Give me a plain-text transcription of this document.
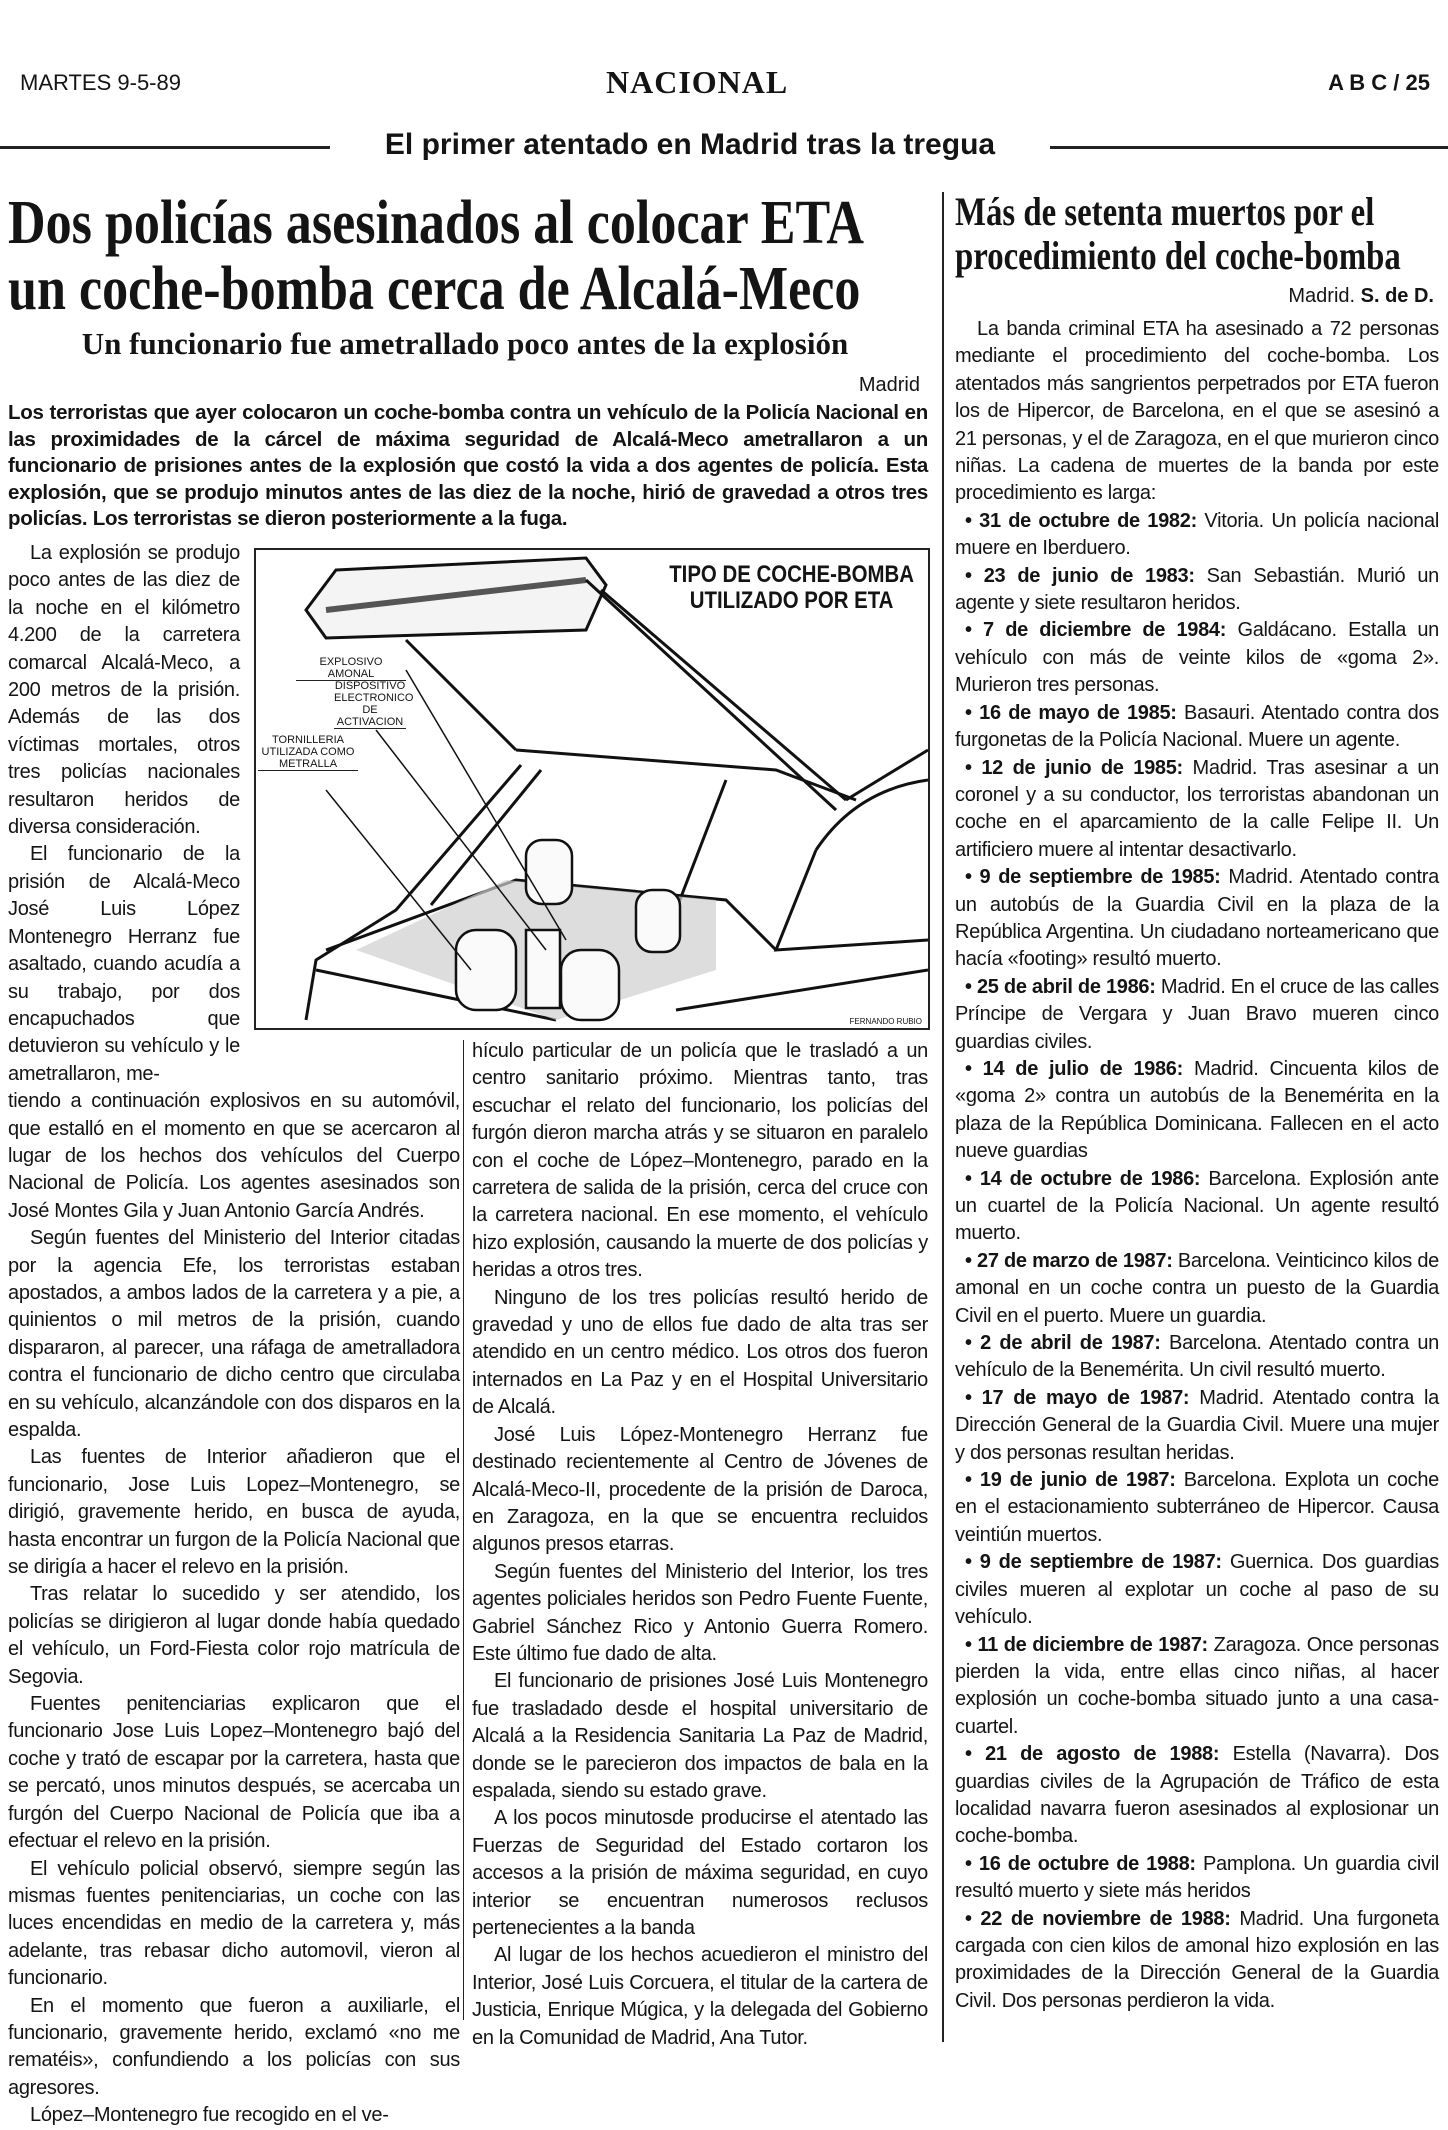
MARTES 9-5-89	NACIONAL	A B C / 25
El primer atentado en Madrid tras la tregua
Dos policías asesinados al colocar ETA
un coche-bomba cerca de Alcalá-Meco
Un funcionario fue ametrallado poco antes de la explosión
Madrid
Los terroristas que ayer colocaron un coche-bomba contra un vehículo de la Policía Nacional en las proximidades de la cárcel de máxima seguridad de Alcalá-Meco ametrallaron a un funcionario de prisiones antes de la explosión que costó la vida a dos agentes de policía. Esta explosión, que se produjo minutos antes de las diez de la noche, hirió de gravedad a otros tres policías. Los terroristas se dieron posteriormente a la fuga.

La explosión se produjo poco antes de las diez de la noche en el kilómetro 4.200 de la carretera comarcal Alcalá-Meco, a 200 metros de la prisión. Además de las dos víctimas mortales, otros tres policías nacionales resultaron heridos de diversa consideración.

El funcionario de la prisión de Alcalá-Meco José Luis López Montenegro Herranz fue asaltado, cuando acudía a su trabajo, por dos encapuchados que detuvieron su vehículo y le ametrallaron, me-

tiendo a continuación explosivos en su automóvil, que estalló en el momento en que se acercaron al lugar de los hechos dos vehículos del Cuerpo Nacional de Policía. Los agentes asesinados son José Montes Gila y Juan Antonio García Andrés.

Según fuentes del Ministerio del Interior citadas por la agencia Efe, los terroristas estaban apostados, a ambos lados de la carretera y a pie, a quinientos o mil metros de la prisión, cuando dispararon, al parecer, una ráfaga de ametralladora contra el funcionario de dicho centro que circulaba en su vehículo, alcanzándole con dos disparos en la espalda.

Las fuentes de Interior añadieron que el funcionario, Jose Luis Lopez–Montenegro, se dirigió, gravemente herido, en busca de ayuda, hasta encontrar un furgon de la Policía Nacional que se dirigía a hacer el relevo en la prisión.

Tras relatar lo sucedido y ser atendido, los policías se dirigieron al lugar donde había quedado el vehículo, un Ford-Fiesta color rojo matrícula de Segovia.

Fuentes penitenciarias explicaron que el funcionario Jose Luis Lopez–Montenegro bajó del coche y trató de escapar por la carretera, hasta que se percató, unos minutos después, se acercaba un furgón del Cuerpo Nacional de Policía que iba a efectuar el relevo en la prisión.

El vehículo policial observó, siempre según las mismas fuentes penitenciarias, un coche con las luces encendidas en medio de la carretera y, más adelante, tras rebasar dicho automovil, vieron al funcionario.

En el momento que fueron a auxiliarle, el funcionario, gravemente herido, exclamó «no me rematéis», confundiendo a los policías con sus agresores.

López–Montenegro fue recogido en el ve-

TIPO DE COCHE-BOMBA
UTILIZADO POR ETA
EXPLOSIVO AMONAL
DISPOSITIVO ELECTRONICO DE ACTIVACION
TORNILLERIA UTILIZADA COMO METRALLA
FERNANDO RUBIO

hículo particular de un policía que le trasladó a un centro sanitario próximo. Mientras tanto, tras escuchar el relato del funcionario, los policías del furgón dieron marcha atrás y se situaron en paralelo con el coche de López–Montenegro, parado en la carretera de salida de la prisión, cerca del cruce con la carretera nacional. En ese momento, el vehículo hizo explosión, causando la muerte de dos policías y heridas a otros tres.

Ninguno de los tres policías resultó herido de gravedad y uno de ellos fue dado de alta tras ser atendido en un centro médico. Los otros dos fueron internados en La Paz y en el Hospital Universitario de Alcalá.

José Luis López-Montenegro Herranz fue destinado recientemente al Centro de Jóvenes de Alcalá-Meco-II, procedente de la prisión de Daroca, en Zaragoza, en la que se encuentra recluidos algunos presos etarras.

Según fuentes del Ministerio del Interior, los tres agentes policiales heridos son Pedro Fuente Fuente, Gabriel Sánchez Rico y Antonio Guerra Romero. Este último fue dado de alta.

El funcionario de prisiones José Luis Montenegro fue trasladado desde el hospital universitario de Alcalá a la Residencia Sanitaria La Paz de Madrid, donde se le parecieron dos impactos de bala en la espalada, siendo su estado grave.

A los pocos minutosde producirse el atentado las Fuerzas de Seguridad del Estado cortaron los accesos a la prisión de máxima seguridad, en cuyo interior se encuentran numerosos reclusos pertenecientes a la banda

Al lugar de los hechos acuedieron el ministro del Interior, José Luis Corcuera, el titular de la cartera de Justicia, Enrique Múgica, y la delegada del Gobierno en la Comunidad de Madrid, Ana Tutor.

Más de setenta muertos por el
procedimiento del coche-bomba
Madrid. S. de D.

La banda criminal ETA ha asesinado a 72 personas mediante el procedimiento del coche-bomba. Los atentados más sangrientos perpetrados por ETA fueron los de Hipercor, de Barcelona, en el que se asesinó a 21 personas, y el de Zaragoza, en el que murieron cinco niñas. La cadena de muertes de la banda por este procedimiento es larga:

• 31 de octubre de 1982: Vitoria. Un policía nacional muere en Iberduero.

• 23 de junio de 1983: San Sebastián. Murió un agente y siete resultaron heridos.

• 7 de diciembre de 1984: Galdácano. Estalla un vehículo con más de veinte kilos de «goma 2». Murieron tres personas.

• 16 de mayo de 1985: Basauri. Atentado contra dos furgonetas de la Policía Nacional. Muere un agente.

• 12 de junio de 1985: Madrid. Tras asesinar a un coronel y a su conductor, los terroristas abandonan un coche en el aparcamiento de la calle Felipe II. Un artificiero muere al intentar desactivarlo.

• 9 de septiembre de 1985: Madrid. Atentado contra un autobús de la Guardia Civil en la plaza de la República Argentina. Un ciudadano norteamericano que hacía «footing» resultó muerto.

• 25 de abril de 1986: Madrid. En el cruce de las calles Príncipe de Vergara y Juan Bravo mueren cinco guardias civiles.

• 14 de julio de 1986: Madrid. Cincuenta kilos de «goma 2» contra un autobús de la Benemérita en la plaza de la República Dominicana. Fallecen en el acto nueve guardias

• 14 de octubre de 1986: Barcelona. Explosión ante un cuartel de la Policía Nacional. Un agente resultó muerto.

• 27 de marzo de 1987: Barcelona. Veinticinco kilos de amonal en un coche contra un puesto de la Guardia Civil en el puerto. Muere un guardia.

• 2 de abril de 1987: Barcelona. Atentado contra un vehículo de la Benemérita. Un civil resultó muerto.

• 17 de mayo de 1987: Madrid. Atentado contra la Dirección General de la Guardia Civil. Muere una mujer y dos personas resultan heridas.

• 19 de junio de 1987: Barcelona. Explota un coche en el estacionamiento subterráneo de Hipercor. Causa veintiún muertos.

• 9 de septiembre de 1987: Guernica. Dos guardias civiles mueren al explotar un coche al paso de su vehículo.

• 11 de diciembre de 1987: Zaragoza. Once personas pierden la vida, entre ellas cinco niñas, al hacer explosión un coche-bomba situado junto a una casa-cuartel.

• 21 de agosto de 1988: Estella (Navarra). Dos guardias civiles de la Agrupación de Tráfico de esta localidad navarra fueron asesinados al explosionar un coche-bomba.

• 16 de octubre de 1988: Pamplona. Un guardia civil resultó muerto y siete más heridos

• 22 de noviembre de 1988: Madrid. Una furgoneta cargada con cien kilos de amonal hizo explosión en las proximidades de la Dirección General de la Guardia Civil. Dos personas perdieron la vida.
